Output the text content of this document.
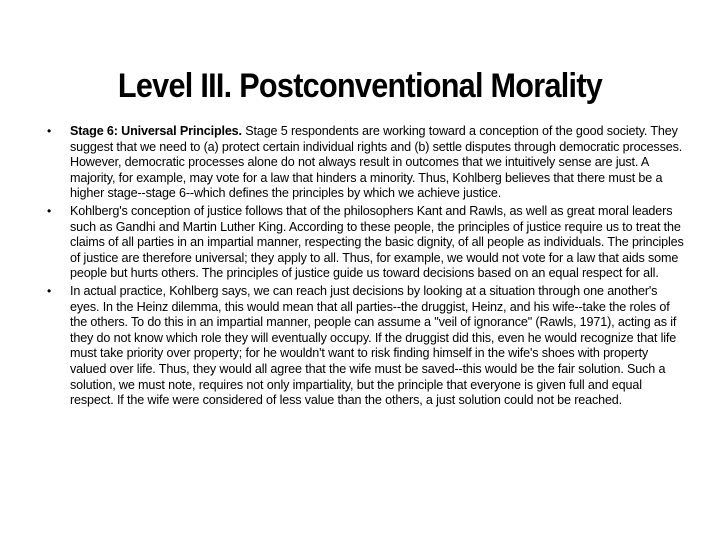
Level III. Postconventional Morality
• Stage 6: Universal Principles. Stage 5 respondents are working toward a conception of the good society. They suggest that we need to (a) protect certain individual rights and (b) settle disputes through democratic processes. However, democratic processes alone do not always result in outcomes that we intuitively sense are just. A majority, for example, may vote for a law that hinders a minority. Thus, Kohlberg believes that there must be a higher stage--stage 6--which defines the principles by which we achieve justice.
• Kohlberg's conception of justice follows that of the philosophers Kant and Rawls, as well as great moral leaders such as Gandhi and Martin Luther King. According to these people, the principles of justice require us to treat the claims of all parties in an impartial manner, respecting the basic dignity, of all people as individuals. The principles of justice are therefore universal; they apply to all. Thus, for example, we would not vote for a law that aids some people but hurts others. The principles of justice guide us toward decisions based on an equal respect for all.
• In actual practice, Kohlberg says, we can reach just decisions by looking at a situation through one another's eyes. In the Heinz dilemma, this would mean that all parties--the druggist, Heinz, and his wife--take the roles of the others. To do this in an impartial manner, people can assume a "veil of ignorance" (Rawls, 1971), acting as if they do not know which role they will eventually occupy. If the druggist did this, even he would recognize that life must take priority over property; for he wouldn't want to risk finding himself in the wife's shoes with property valued over life. Thus, they would all agree that the wife must be saved--this would be the fair solution. Such a solution, we must note, requires not only impartiality, but the principle that everyone is given full and equal respect. If the wife were considered of less value than the others, a just solution could not be reached.
